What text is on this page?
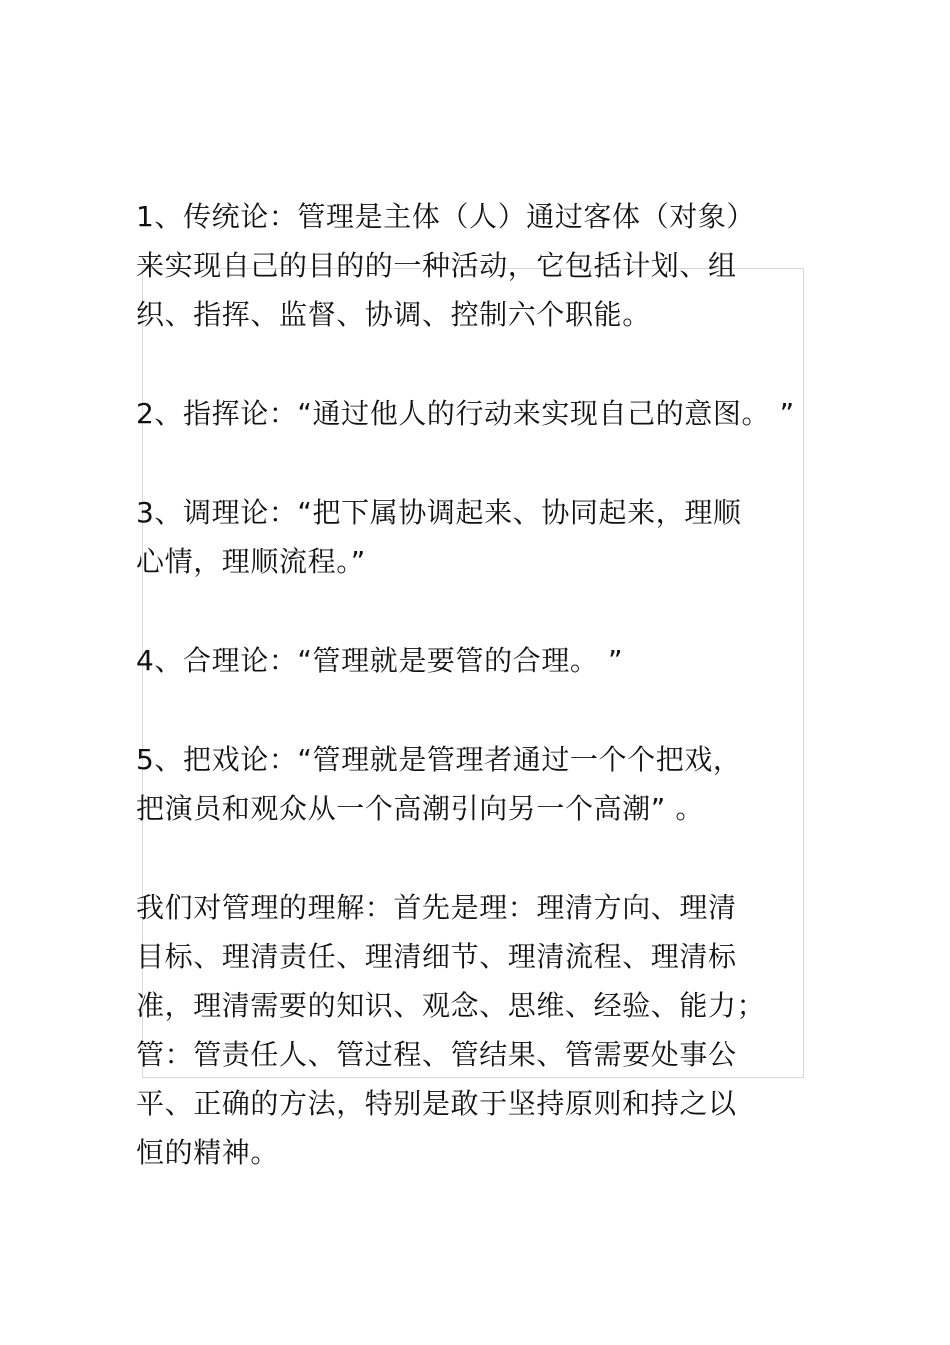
1、传统论：管理是主体（人）通过客体（对象）
来实现自己的目的的一种活动，它包括计划、组
织、指挥、监督、协调、控制六个职能。

2、指挥论：“通过他人的行动来实现自己的意图。 ”

3、调理论：“把下属协调起来、协同起来，理顺
心情，理顺流程。”

4、合理论：“管理就是要管的合理。 ”

5、把戏论：“管理就是管理者通过一个个把戏，
把演员和观众从一个高潮引向另一个高潮” 。

我们对管理的理解：首先是理：理清方向、理清
目标、理清责任、理清细节、理清流程、理清标
准，理清需要的知识、观念、思维、经验、能力；
管：管责任人、管过程、管结果、管需要处事公
平、正确的方法，特别是敢于坚持原则和持之以
恒的精神。
